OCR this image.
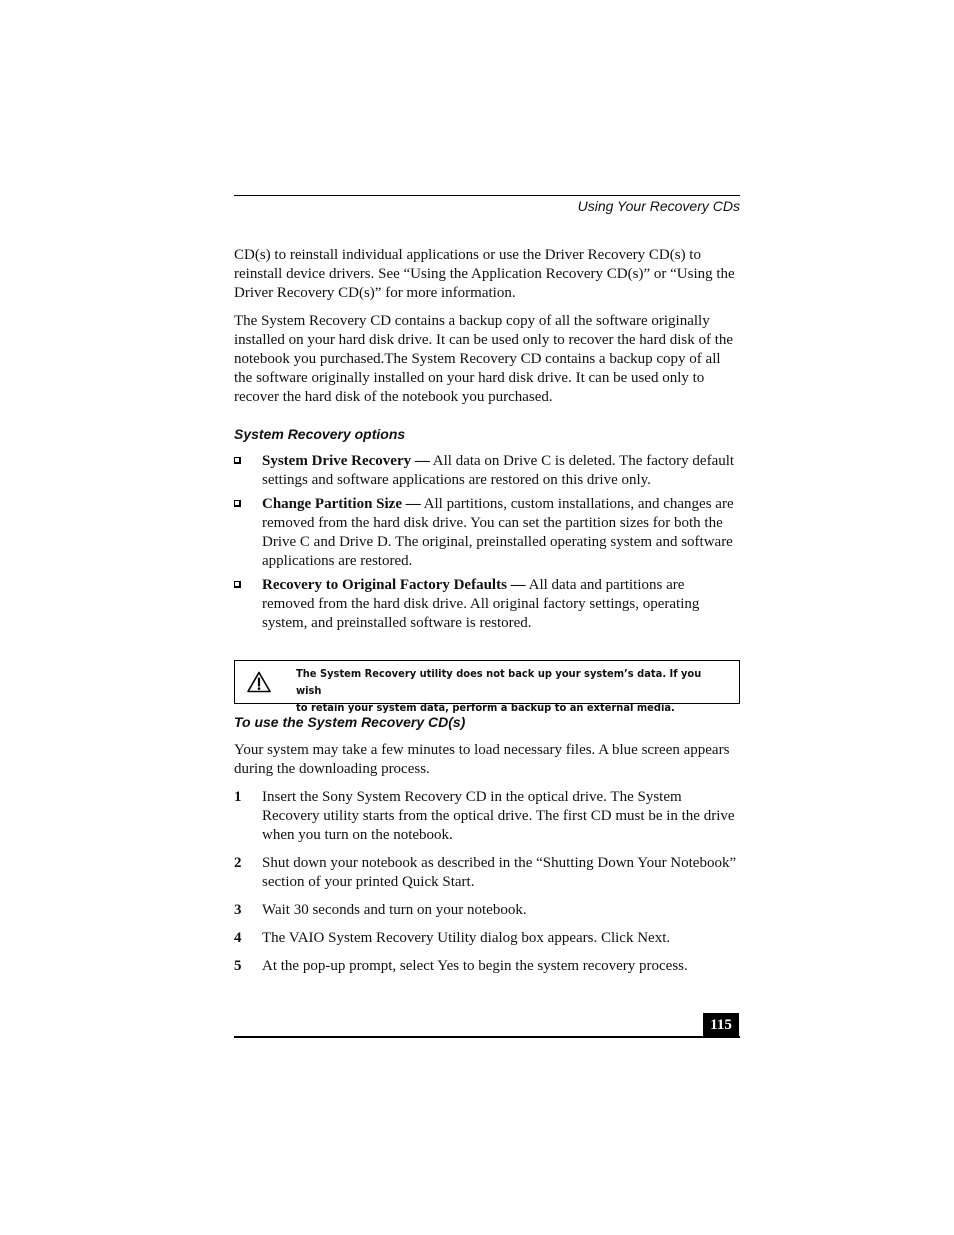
Using Your Recovery CDs

CD(s) to reinstall individual applications or use the Driver Recovery CD(s) to reinstall device drivers. See “Using the Application Recovery CD(s)” or “Using the Driver Recovery CD(s)” for more information.

The System Recovery CD contains a backup copy of all the software originally installed on your hard disk drive. It can be used only to recover the hard disk of the notebook you purchased.The System Recovery CD contains a backup copy of all the software originally installed on your hard disk drive. It can be used only to recover the hard disk of the notebook you purchased.

System Recovery options
System Drive Recovery — All data on Drive C is deleted. The factory default settings and software applications are restored on this drive only.
Change Partition Size — All partitions, custom installations, and changes are removed from the hard disk drive. You can set the partition sizes for both the Drive C and Drive D. The original, preinstalled operating system and software applications are restored.
Recovery to Original Factory Defaults — All data and partitions are removed from the hard disk drive. All original factory settings, operating system, and preinstalled software is restored.
The System Recovery utility does not back up your system’s data. If you wish
to retain your system data, perform a backup to an external media.
To use the System Recovery CD(s)

Your system may take a few minutes to load necessary files. A blue screen appears during the downloading process.

1 Insert the Sony System Recovery CD in the optical drive. The System Recovery utility starts from the optical drive. The first CD must be in the drive when you turn on the notebook.
2 Shut down your notebook as described in the “Shutting Down Your Notebook” section of your printed Quick Start.
3 Wait 30 seconds and turn on your notebook.
4 The VAIO System Recovery Utility dialog box appears. Click Next.
5 At the pop-up prompt, select Yes to begin the system recovery process.
115
